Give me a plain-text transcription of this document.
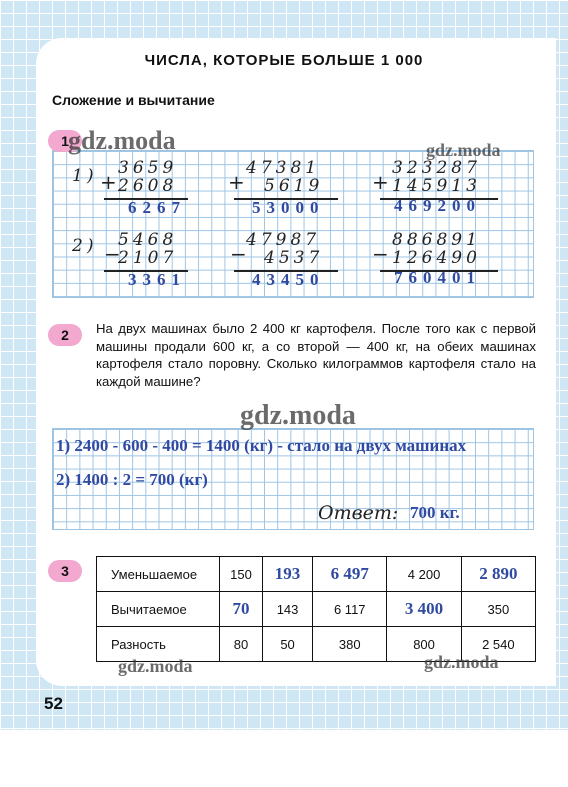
ЧИСЛА, КОТОРЫЕ БОЛЬШЕ 1 000
Сложение и вычитание
1 gdz.moda	gdz.moda
1)
2)
+
3659
2608
6267
+
47381
5619
53000
+
323287
145913
469200
−
5468
2107
3361
−
47987
4537
43450
−
886891
126490
760401
2	На двух машинах было 2 400 кг картофеля. После того как с первой машины продали 600 кг, а со второй — 400 кг, на обеих машинах картофеля стало поровну. Сколько килограммов картофеля стало на каждой машине?
gdz.moda
1) 2400 - 600 - 400 = 1400 (кг) - стало на двух машинах
2) 1400 : 2 = 700 (кг)
Ответ: 700 кг.
3	Уменьшаемое	150	193	6 497	4 200	2 890
Вычитаемое	70	143	6 117	3 400	350
Разность	80	50	380	800	2 540
gdz.moda	gdz.moda
52
